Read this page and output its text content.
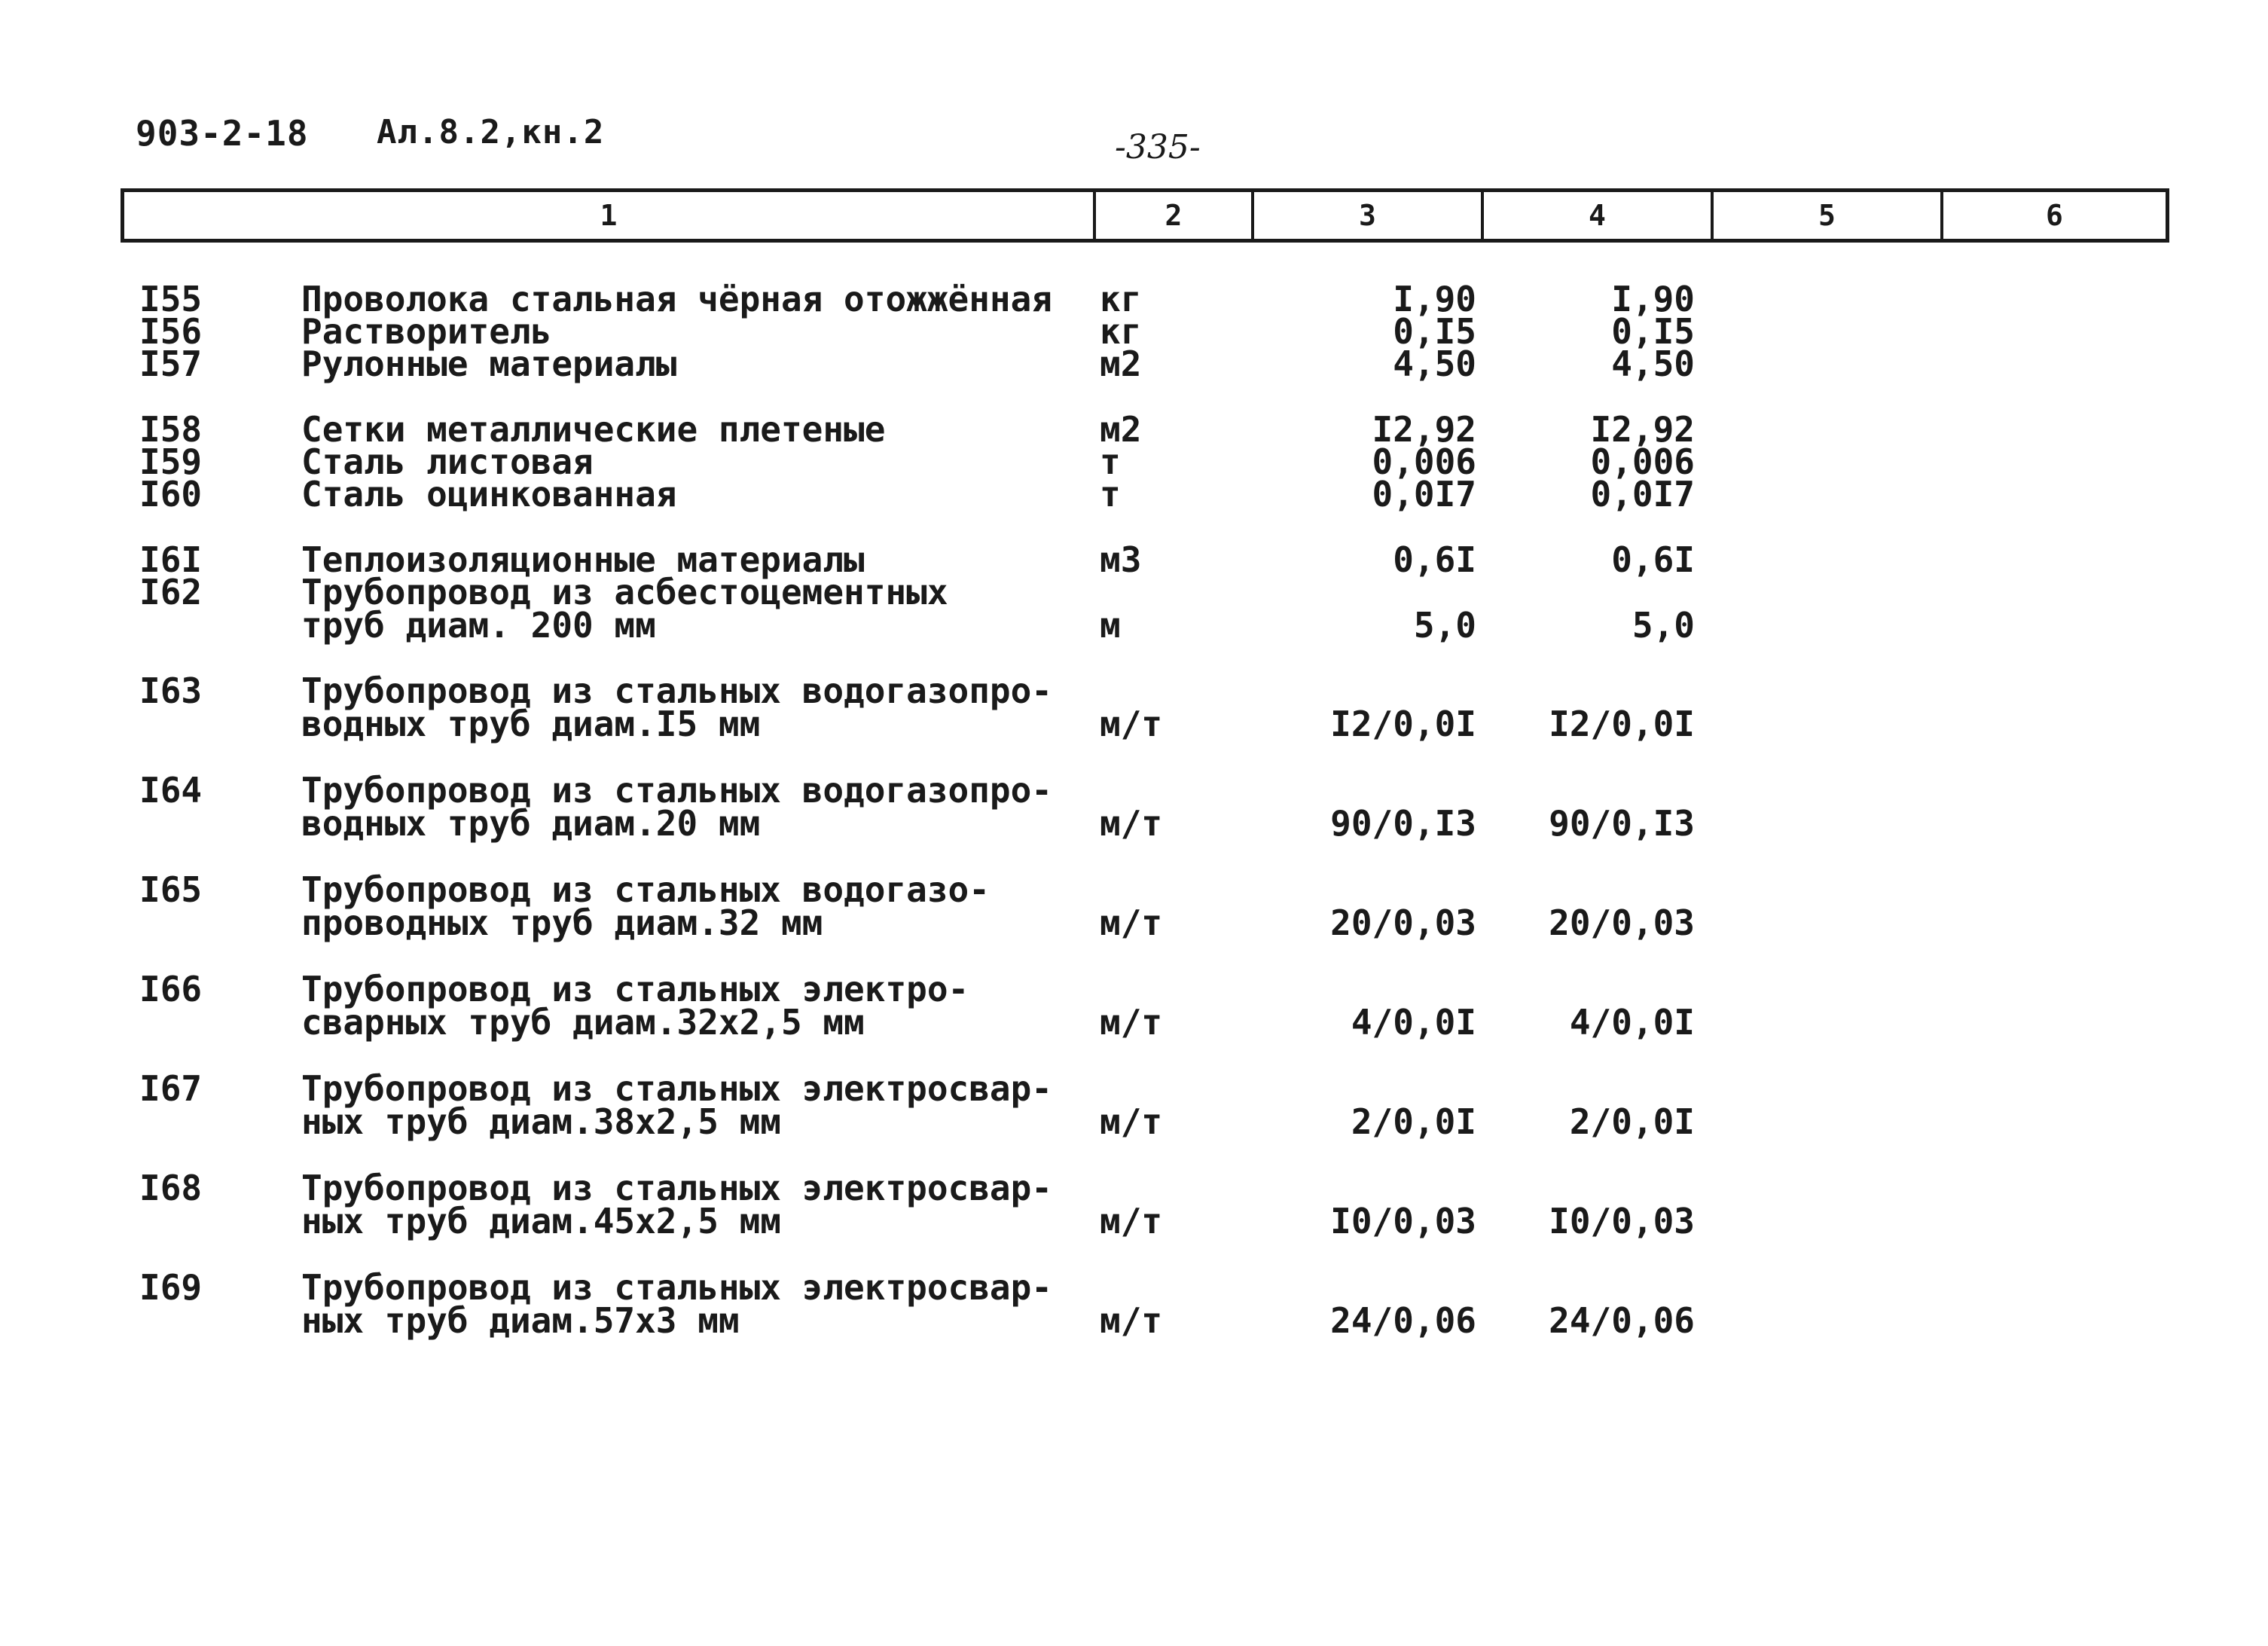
903-2-18 Ал.8.2,кн.2	-335-
1	2	3	4	5	6
I55	Проволока стальная чёрная отожжённая	кг	I,90	I,90
I56	Растворитель	кг	0,I5	0,I5
I57	Рулонные материалы	м2	4,50	4,50
I58	Сетки металлические плетеные	м2	I2,92	I2,92
I59	Сталь листовая	т	0,006	0,006
I60	Сталь оцинкованная	т	0,0I7	0,0I7
I6I	Теплоизоляционные материалы	м3	0,6I	0,6I
I62	Трубопровод из асбестоцементных
труб диам. 200 мм	м	5,0	5,0
I63	Трубопровод из стальных водогазопро-
водных труб диам.I5 мм	м/т	I2/0,0I	I2/0,0I
I64	Трубопровод из стальных водогазопро-
водных труб диам.20 мм	м/т	90/0,I3	90/0,I3
I65	Трубопровод из стальных водогазо-
проводных труб диам.32 мм	м/т	20/0,03	20/0,03
I66	Трубопровод из стальных электро-
сварных труб диам.32х2,5 мм	м/т	4/0,0I	4/0,0I
I67	Трубопровод из стальных электросвар-
ных труб диам.38х2,5 мм	м/т	2/0,0I	2/0,0I
I68	Трубопровод из стальных электросвар-
ных труб диам.45х2,5 мм	м/т	I0/0,03	I0/0,03
I69	Трубопровод из стальных электросвар-
ных труб диам.57х3 мм	м/т	24/0,06	24/0,06
